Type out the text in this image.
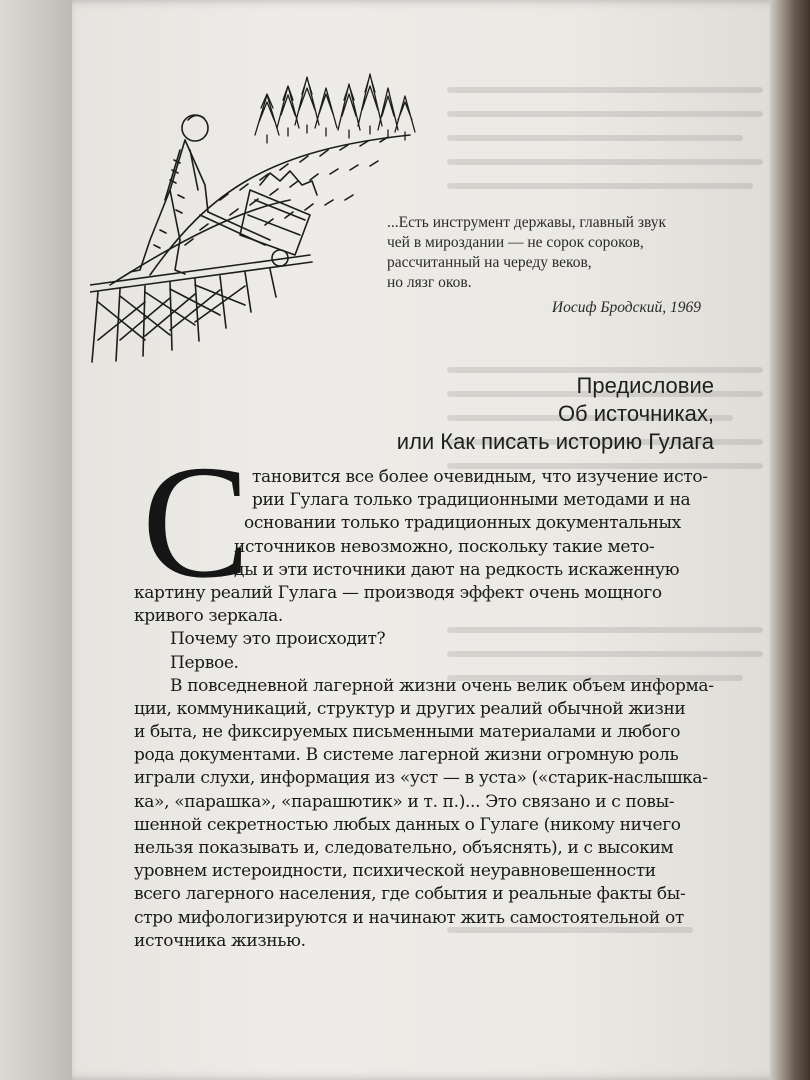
...Есть инструмент державы, главный звук
чей в мироздании — не сорок сороков,
рассчитанный на череду веков,
но лязг оков.
Иосиф Бродский, 1969
Предисловие
Об источниках,
или Как писать историю Гулага
С тановится все более очевидным, что изучение исто-
рии Гулага только традиционными методами и на
основании только традиционных документальных
источников невозможно, поскольку такие мето-
ды и эти источники дают на редкость искаженную
картину реалий Гулага — производя эффект очень мощного
кривого зеркала.
Почему это происходит?
Первое.
В повседневной лагерной жизни очень велик объем информа-
ции, коммуникаций, структур и других реалий обычной жизни
и быта, не фиксируемых письменными материалами и любого
рода документами. В системе лагерной жизни огромную роль
играли слухи, информация из «уст — в уста» («старик-наслышка-
ка», «парашка», «парашютик» и т. п.)... Это связано и с повы-
шенной секретностью любых данных о Гулаге (никому ничего
нельзя показывать и, следовательно, объяснять), и с высоким
уровнем истероидности, психической неуравновешенности
всего лагерного населения, где события и реальные факты бы-
стро мифологизируются и начинают жить самостоятельной от
источника жизнью.
